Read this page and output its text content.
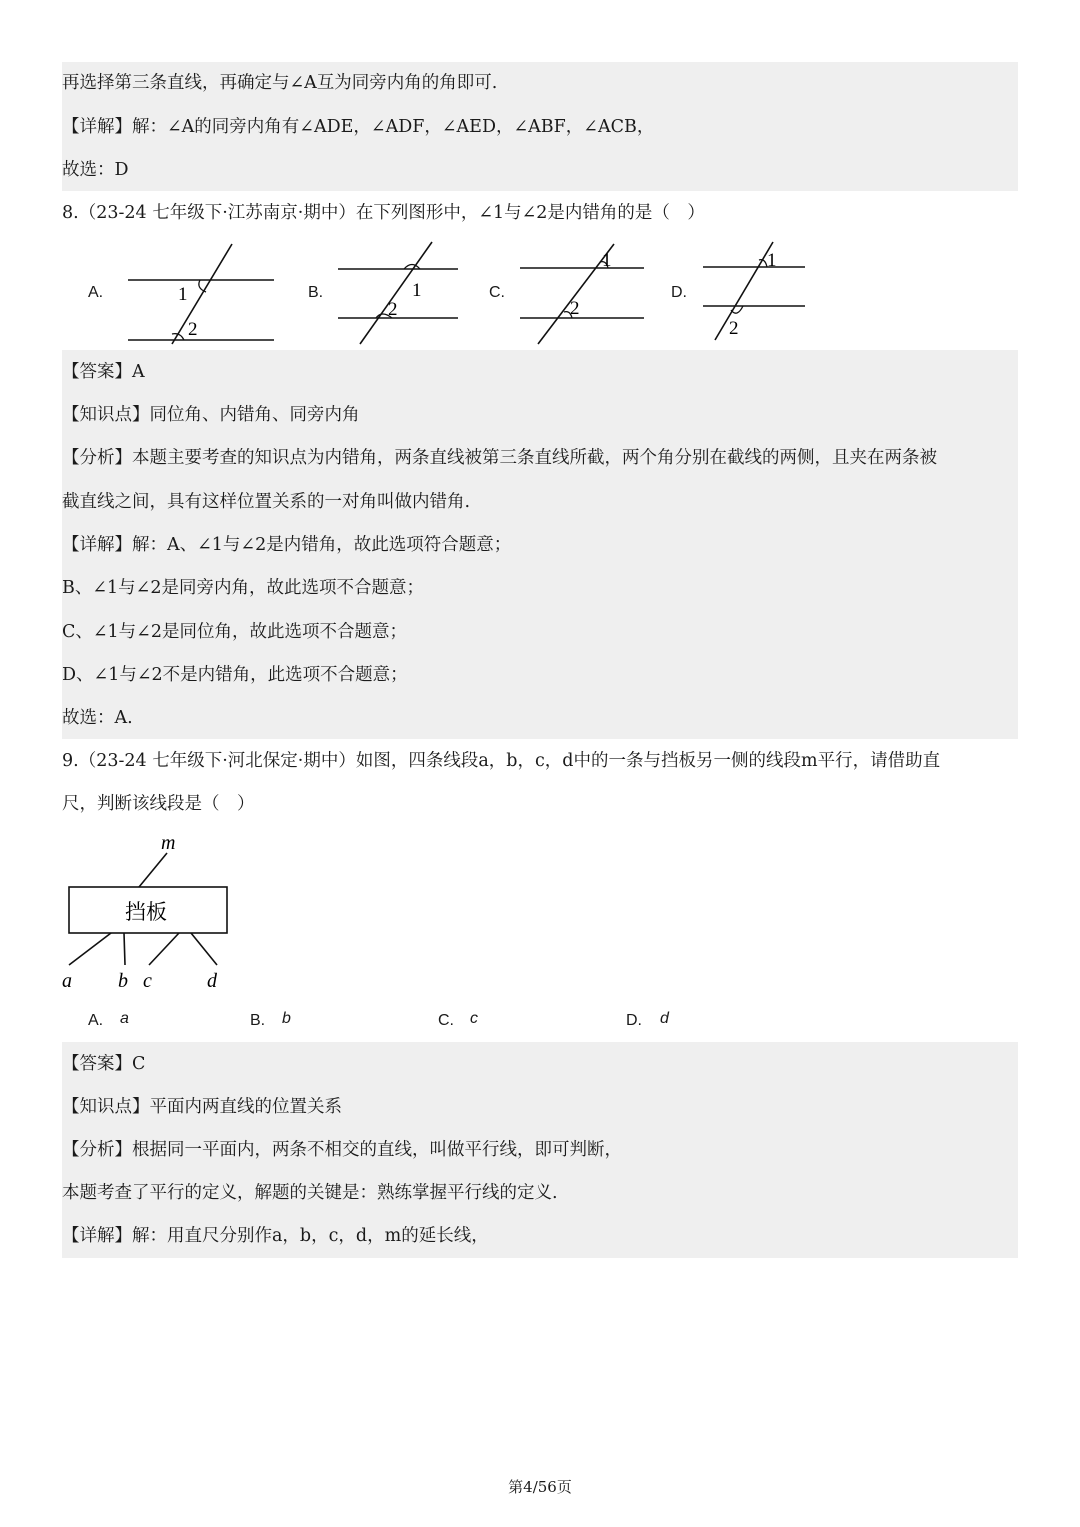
再选择第三条直线，再确定与∠A互为同旁内角的角即可.
【详解】解：∠A的同旁内角有∠ADE，∠ADF，∠AED，∠ABF，∠ACB，
故选：D
8.（23-24 七年级下·江苏南京·期中）在下列图形中，∠1与∠2是内错角的是（　）
A.	B.	C.	D.
1
2
1
2
1
2
1
2
【答案】A
【知识点】同位角、内错角、同旁内角
【分析】本题主要考查的知识点为内错角，两条直线被第三条直线所截，两个角分别在截线的两侧，且夹在两条被
截直线之间，具有这样位置关系的一对角叫做内错角.
【详解】解：A、∠1与∠2是内错角，故此选项符合题意；
B、∠1与∠2是同旁内角，故此选项不合题意；
C、∠1与∠2是同位角，故此选项不合题意；
D、∠1与∠2不是内错角，此选项不合题意；
故选：A.
9.（23-24 七年级下·河北保定·期中）如图，四条线段a，b，c，d中的一条与挡板另一侧的线段m平行，请借助直
尺，判断该线段是（　）
m
挡板
a b c	d
A. a	B. b	C. c	D. d
【答案】C
【知识点】平面内两直线的位置关系
【分析】根据同一平面内，两条不相交的直线，叫做平行线，即可判断，
本题考查了平行的定义，解题的关键是：熟练掌握平行线的定义.
【详解】解：用直尺分别作a，b，c，d，m的延长线，
第4/56页
